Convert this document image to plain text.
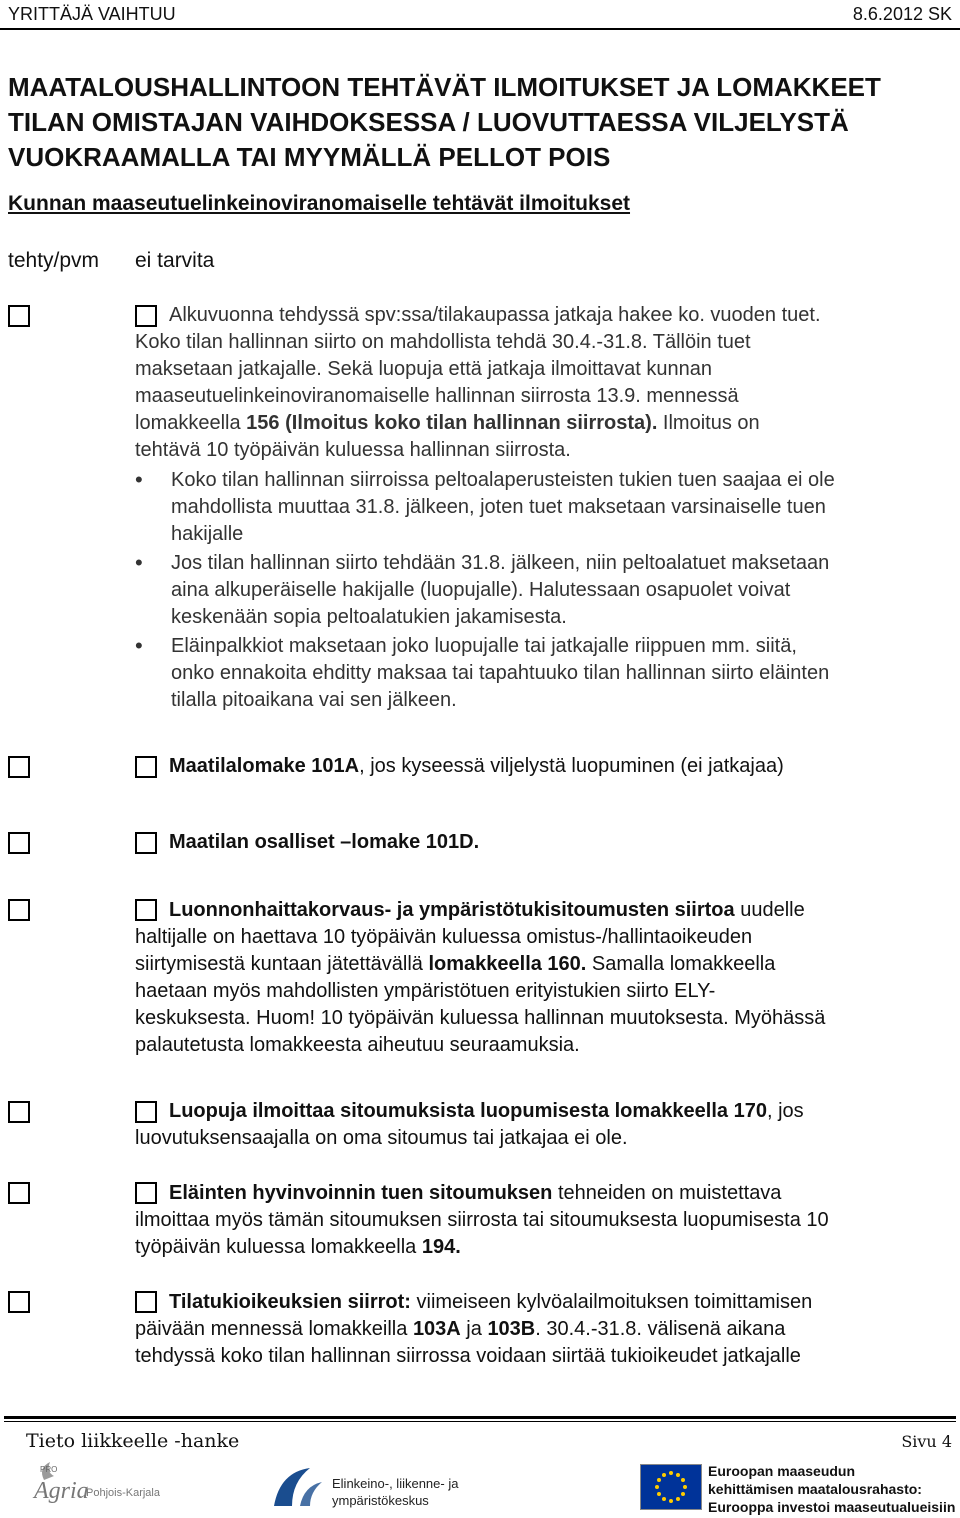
YRITTÄJÄ VAIHTUU	8.6.2012 SK
MAATALOUSHALLINTOON TEHTÄVÄT ILMOITUKSET JA LOMAKKEET
TILAN OMISTAJAN VAIHDOKSESSA / LUOVUTTAESSA VILJELYSTÄ
VUOKRAAMALLA TAI MYYMÄLLÄ PELLOT POIS
Kunnan maaseutuelinkeinoviranomaiselle tehtävät ilmoitukset
tehty/pvm ei tarvita
Alkuvuonna tehdyssä spv:ssa/tilakaupassa jatkaja hakee ko. vuoden tuet.
Koko tilan hallinnan siirto on mahdollista tehdä 30.4.-31.8. Tällöin tuet
maksetaan jatkajalle. Sekä luopuja että jatkaja ilmoittavat kunnan
maaseutuelinkeinoviranomaiselle hallinnan siirrosta 13.9. mennessä
lomakkeella 156 (Ilmoitus koko tilan hallinnan siirrosta). Ilmoitus on
tehtävä 10 työpäivän kuluessa hallinnan siirrosta.
• Koko tilan hallinnan siirroissa peltoalaperusteisten tukien tuen saajaa ei ole
mahdollista muuttaa 31.8. jälkeen, joten tuet maksetaan varsinaiselle tuen
hakijalle
• Jos tilan hallinnan siirto tehdään 31.8. jälkeen, niin peltoalatuet maksetaan
aina alkuperäiselle hakijalle (luopujalle). Halutessaan osapuolet voivat
keskenään sopia peltoalatukien jakamisesta.
• Eläinpalkkiot maksetaan joko luopujalle tai jatkajalle riippuen mm. siitä,
onko ennakoita ehditty maksaa tai tapahtuuko tilan hallinnan siirto eläinten
tilalla pitoaikana vai sen jälkeen.
Maatilalomake 101A, jos kyseessä viljelystä luopuminen (ei jatkajaa)
Maatilan osalliset –lomake 101D.
Luonnonhaittakorvaus- ja ympäristötukisitoumusten siirtoa uudelle
haltijalle on haettava 10 työpäivän kuluessa omistus-/hallintaoikeuden
siirtymisestä kuntaan jätettävällä lomakkeella 160. Samalla lomakkeella
haetaan myös mahdollisten ympäristötuen erityistukien siirto ELY-
keskuksesta. Huom! 10 työpäivän kuluessa hallinnan muutoksesta. Myöhässä
palautetusta lomakkeesta aiheutuu seuraamuksia.
Luopuja ilmoittaa sitoumuksista luopumisesta lomakkeella 170, jos
luovutuksensaajalla on oma sitoumus tai jatkajaa ei ole.
Eläinten hyvinvoinnin tuen sitoumuksen tehneiden on muistettava
ilmoittaa myös tämän sitoumuksen siirrosta tai sitoumuksesta luopumisesta 10
työpäivän kuluessa lomakkeella 194.
Tilatukioikeuksien siirrot: viimeiseen kylvöalailmoituksen toimittamisen
päivään mennessä lomakkeilla 103A ja 103B. 30.4.-31.8. välisenä aikana
tehdyssä koko tilan hallinnan siirrossa voidaan siirtää tukioikeudet jatkajalle
Tieto liikkeelle -hanke	Sivu 4
PRO
Agria
Pohjois-Karjala
Elinkeino-, liikenne- ja
ympäristökeskus
Euroopan maaseudun
kehittämisen maatalousrahasto:
Eurooppa investoi maaseutualueisiin
